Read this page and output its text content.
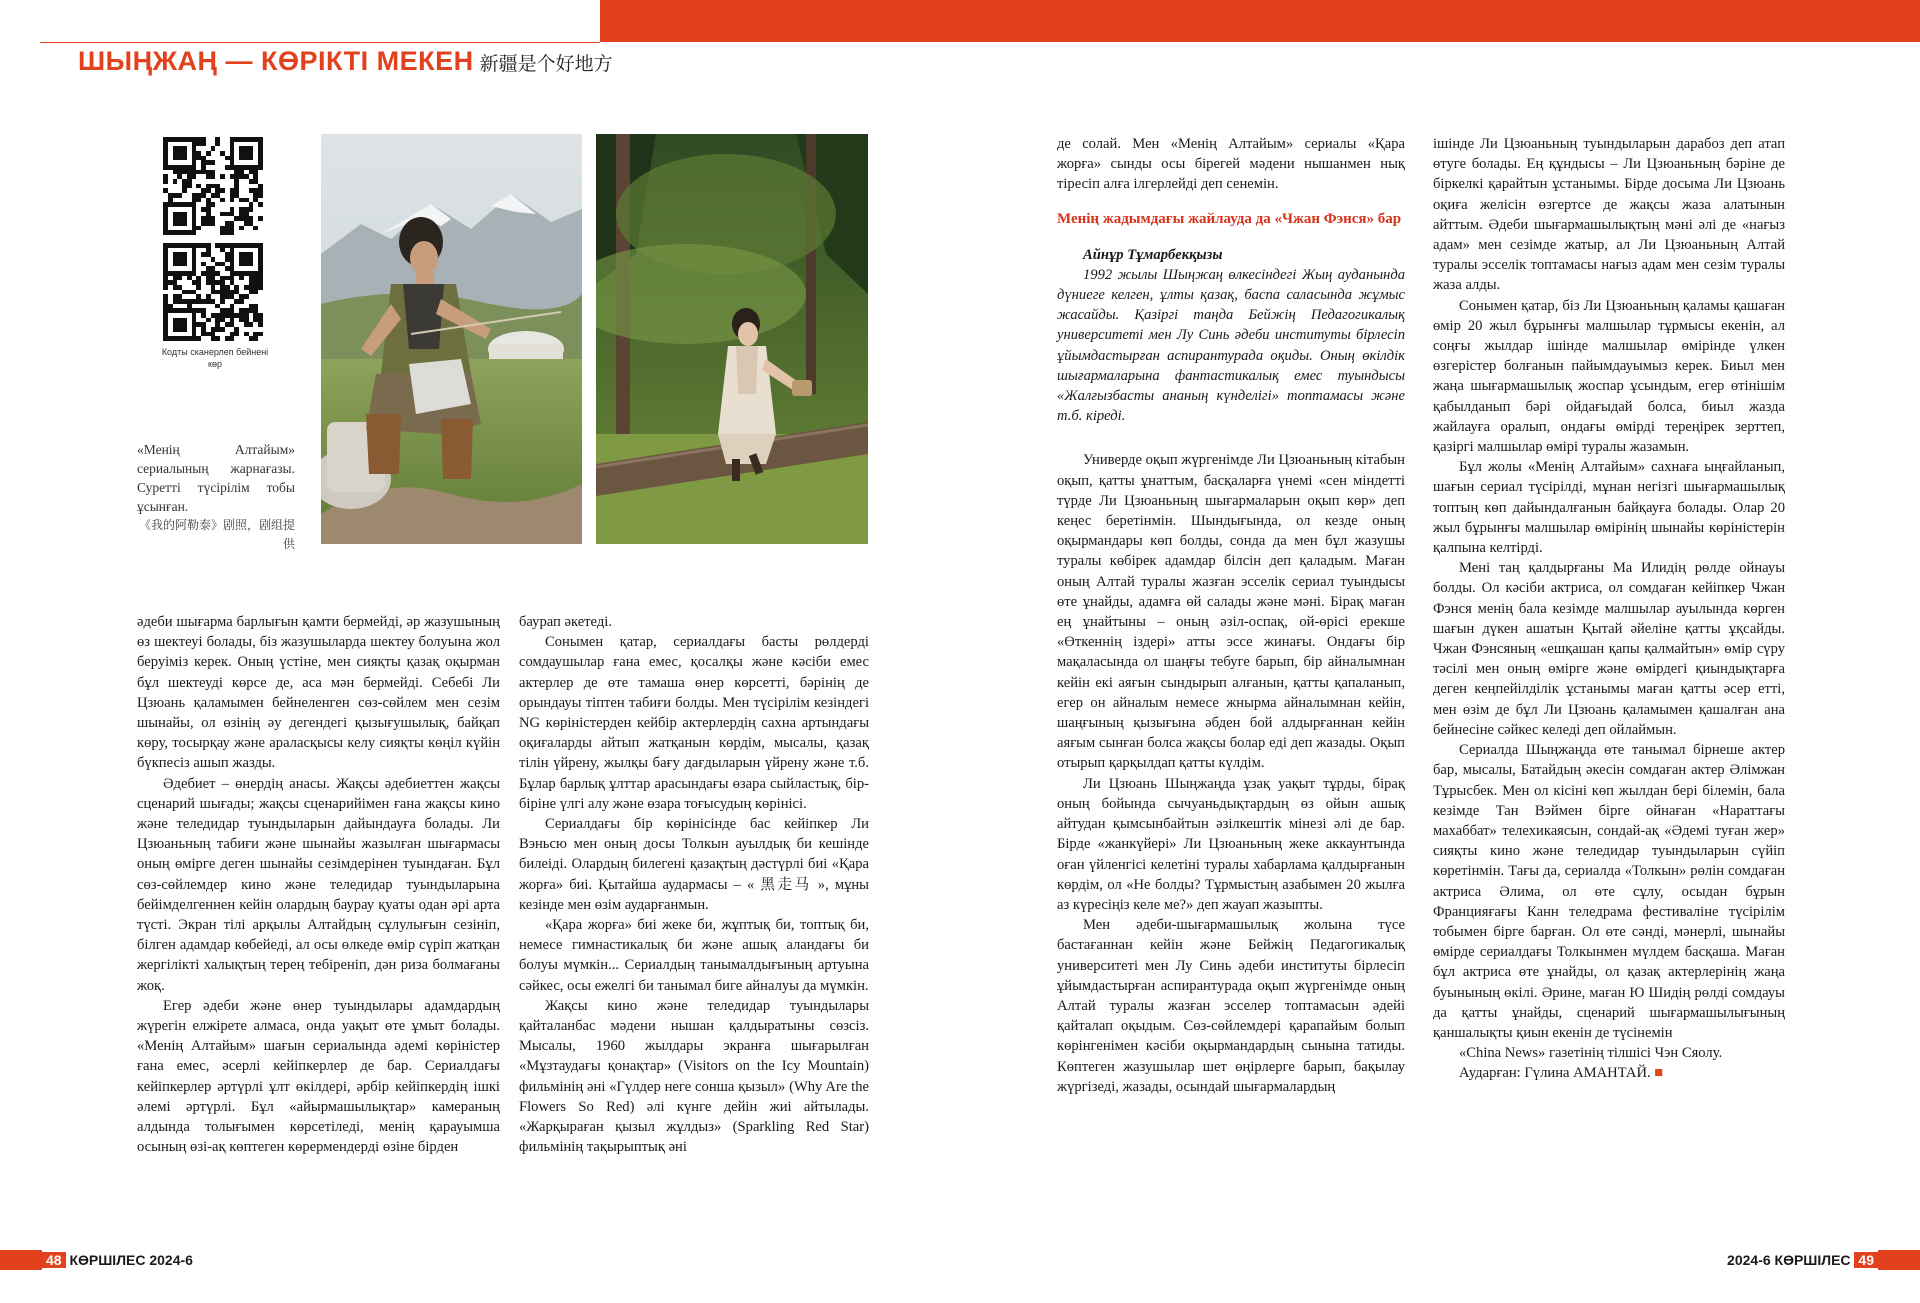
ШЫҢЖАҢ — КӨРІКТІ МЕКЕН 新疆是个好地方
Кодты сканерлеп бейнені көр
«Менің Алтайым» сериалының жарнағазы. Суретті түсірілім тобы ұсынған.
《我的阿勒泰》剧照，剧组提供

әдеби шығарма барлығын қамти бермейді, әр жазушының өз шектеуі болады, біз жазушыларда шектеу болуына жол беруіміз керек. Оның үстіне, мен сияқты қазақ оқырман бұл шектеуді көрсе де, аса мән бермейді. Себебі Ли Цзюань қаламымен бейнеленген сөз-сөйлем мен сезім шынайы, ол өзінің әу дегендегі қызығушылық, байқап көру, тосырқау және араласқысы келу сияқты көңіл күйін бүкпесіз ашып жазды.

Әдебиет – өнердің анасы. Жақсы әдебиеттен жақсы сценарий шығады; жақсы сценарийімен ғана жақсы кино және теледидар туындыларын дайындауға болады. Ли Цзюаньның табиғи және шынайы жазылған шығармасы оның өміргe деген шынайы сезімдерінен туындаған. Бұл сөз-сөйлемдер кино және теледидар туындыларына бейімделгеннен кейін олардың баурау қуаты одан әрі арта түсті. Экран тілі арқылы Алтайдың сұлулығын сезініп, білген адамдар көбейеді, ал осы өлкеде өмір сүріп жатқан жергілікті халықтың терең тебіреніп, дән риза болмағаны жоқ.

Егер әдеби және өнер туындылары адамдардың жүрегін елжірете алмаса, онда уақыт өте ұмыт болады. «Менің Алтайым» шағын сериалында әдемі көріністер ғана емес, әсерлі кейіпкерлер де бар. Сериалдағы кейіпкерлер әртүрлі ұлт өкілдері, әрбір кейіпкердің ішкі әлемі әртүрлі. Бұл «айырмашылықтар» камераның алдында толығымен көрсетіледі, менің қарауымша осының өзі-ақ көптеген көрермендерді өзіне бірден

баурап әкетеді.

Сонымен қатар, сериалдағы басты рөлдерді сомдаушылар ғана емес, қосалқы және кәсіби емес актерлер де өте тамаша өнер көрсетті, бәрінің де орындауы тіптен табиғи болды. Мен түсірілім кезіндегі NG көріністерден кейбір актерлердің сахна артындағы оқиғаларды айтып жатқанын көрдім, мысалы, қазақ тілін үйрену, жылқы бағу дағдыларын үйрену және т.б. Бұлар барлық ұлттар арасындағы өзара сыйластық, бір-біріне үлгі алу және өзара тоғысудың көрінісі.

Сериалдағы бір көрінісінде бас кейіпкер Ли Вэньсю мен оның досы Толкын ауылдық би кешінде билеiді. Олардың билегені қазақтың дәстүрлі биі «Қара жорға» биі. Қытайша аудармасы – « 黑走马 », мұны кезінде мен өзім аударғанмын.

«Қара жорға» биі жеке би, жұптық би, топтық би, немесе гимнастикалық би және ашық аландағы би болуы мүмкін... Сериалдың танымалдығының артуына сәйкес, осы ежелгі би танымал биге айналуы да мүмкін.

Жақсы кино және теледидар туындылары қайталанбас мәдени нышан қалдыратыны сөзсіз. Мысалы, 1960 жылдары экранға шығарылған «Мұзтаудағы қонақтар» (Visitors on the Icy Mountain) фильмінің әні «Гүлдер неге сонша қызыл» (Why Are the Flowers So Red) әлі күнге дейін жиі айтылады. «Жарқыраған қызыл жұлдыз» (Sparkling Red Star) фильмінің тақырыптық әні

де солай. Мен «Менің Алтайым» сериалы «Қара жорға» сынды осы бірегей мәдени нышанмен нық тіресіп алға ілгерлейді деп сенемін.

Менің жадымдағы жайлауда да «Чжан Фэнся» бар

Айнұр Тұмарбекқызы

1992 жылы Шыңжаң өлкесіндегі Жың ауданында дүниеге келген, ұлты қазақ, баспа саласында жұмыс жасайды. Қазіргі таңда Бейжің Педагогикалық университеті мен Лу Синь әдеби институты бірлесіп ұйымдастырған аспирантурада оқиды. Оның өкілдік шығармаларына фантастикалық емес туындысы «Жалғызбасты ананың күнделігі» топтамасы және т.б. кіреді.

Универде оқып жүргенімде Ли Цзюаньның кітабын оқып, қатты ұнаттым, басқаларға үнемі «сен міндетті түрде Ли Цзюаньның шығармаларын оқып көр» деп кеңес беретінмін. Шындығында, ол кезде оның оқырмандары көп болды, сонда да мен бұл жазушы туралы көбірек адамдар білсін деп қаладым. Маған оның Алтай туралы жазған эсселік сериал туындысы өте ұнайды, адамға өй салады және мәні. Бірақ маған ең ұнайтыны – оның әзіл-оспақ, ой-өрісі ерекше «Өткеннің іздері» атты эссе жинағы. Ондағы бір мақаласында ол шаңғы тебуге барып, бір айналымнан кейін екі аяғын сындырып алғанын, қатты қапаланып, егер он айналым немесе жнырма айналымнан кейін, шаңғының қызығына әбден бой алдырғаннан кейін аяғым сынған болса жақсы болар еді деп жазады. Оқып отырып қарқылдап қатты күлдім.

Ли Цзюань Шыңжаңда ұзақ уақыт тұрды, бірақ оның бойында сычуаньдықтардың өз ойын ашық айтудан қымсынбайтын әзілкештік мінезі әлі де бар. Бірде «жанкүйері» Ли Цзюаньның жеке аккаунтында оған үйленгісі келетіні туралы хабарлама қалдырғанын көрдім, ол «Не болды? Тұрмыстың азабымен 20 жылға аз күресіңіз келе ме?» деп жауап жазыпты.

Мен әдеби-шығармашылық жолына түсе бастағаннан кейін және Бейжің Педагогикалық университеті мен Лу Синь әдеби институты бірлесіп ұйымдастырған аспирантурада оқып жүргенімде оның Алтай туралы жазған эсселер топтамасын әдейі қайталап оқыдым. Сөз-сөйлемдері қарапайым болып көрінгенімен кәсіби оқырмандардың сынына татиды. Көптеген жазушылар шет өңірлерге барып, бақылау жүргізеді, жазады, осындай шығармалардың

ішінде Ли Цзюаньның туындыларын дарабоз деп атап өтуге болады. Ең құндысы – Ли Цзюаньның бәріне де біркелкі қарайтын ұстанымы. Бірде досыма Ли Цзюань оқиға желісін өзгертсе де жақсы жаза алатынын айттым. Әдеби шығармашылықтың мәні әлі де «нағыз адам» мен сезімде жатыр, ал Ли Цзюаньның Алтай туралы эсселік топтамасы нағыз адам мен сезім туралы жаза алды.

Сонымен қатар, біз Ли Цзюаньның қаламы қашаған өмір 20 жыл бұрынғы малшылар тұрмысы екенін, ал соңғы жылдар ішінде малшылар өмірінде үлкен өзгерістер болғанын пайымдауымыз керек. Биыл мен жаңа шығармашылық жоспар ұсындым, егер өтінішім қабылданып бәрі ойдағыдай болса, биыл жазда жайлауға оралып, ондағы өмірді тереңірек зерттеп, қазіргі малшылар өмірі туралы жазамын.

Бұл жолы «Менің Алтайым» сахнаға ыңғайланып, шағын сериал түсірілді, мұнан негізгі шығармашылық топтың көп дайындалғанын байқауға болады. Олар 20 жыл бұрынғы малшылар өмірінің шынайы көріністерін қалпына келтірді.

Мені таң қалдырғаны Ма Илидің рөлде ойнауы болды. Ол кәсіби актриса, ол сомдаған кейіпкер Чжан Фэнся менің бала кезімде малшылар ауылында көрген шағын дүкен ашатын Қытай әйеліне қатты ұқсайды. Чжан Фэнсяның «ешқашан қапы қалмайтын» өмір сүру тәсілі мен оның өміргe және өмірдегі қиындықтарға деген кеңпейілділік ұстанымы маған қатты әсер етті, мен өзім де бұл Ли Цзюань қаламымен қашалған ана бейнесіне сәйкес келеді деп ойлаймын.

Сериалда Шыңжаңда өте танымал бірнеше актер бар, мысалы, Батайдың әкесін сомдаған актер Әлімжан Тұрысбек. Мен ол кісіні көп жылдан бері білемін, бала кезімде Тан Вэймен бірге ойнаған «Нараттағы махаббат» телехикаясын, сондай-ақ «Әдемі туған жер» сияқты кино және теледидар туындыларын сүйіп көретінмін. Тағы да, сериалда «Толкын» рөлін сомдаған актриса Әлима, ол өте сұлу, осыдан бұрын Францияғағы Канн теледрама фестиваліне түсірілім тобымен бірге барған. Ол өте сәнді, мәнерлі, шынайы өмірде сериалдағы Толкынмен мүлдем басқаша. Маған бұл актриса өте ұнайды, ол қазақ актерлерінің жаңа буынының өкілі. Әрине, маған Ю Шидің рөлді сомдауы да қатты ұнайды, сценарий шығармашылығының қаншалықты қиын екенін де түсінемін

«China News» газетінің тілшісі Чэн Сяолу.

Аударған: Гүлина АМАНТАЙ. ■

48 КӨРШІЛЕС 2024-6	2024-6 КӨРШІЛЕС 49
